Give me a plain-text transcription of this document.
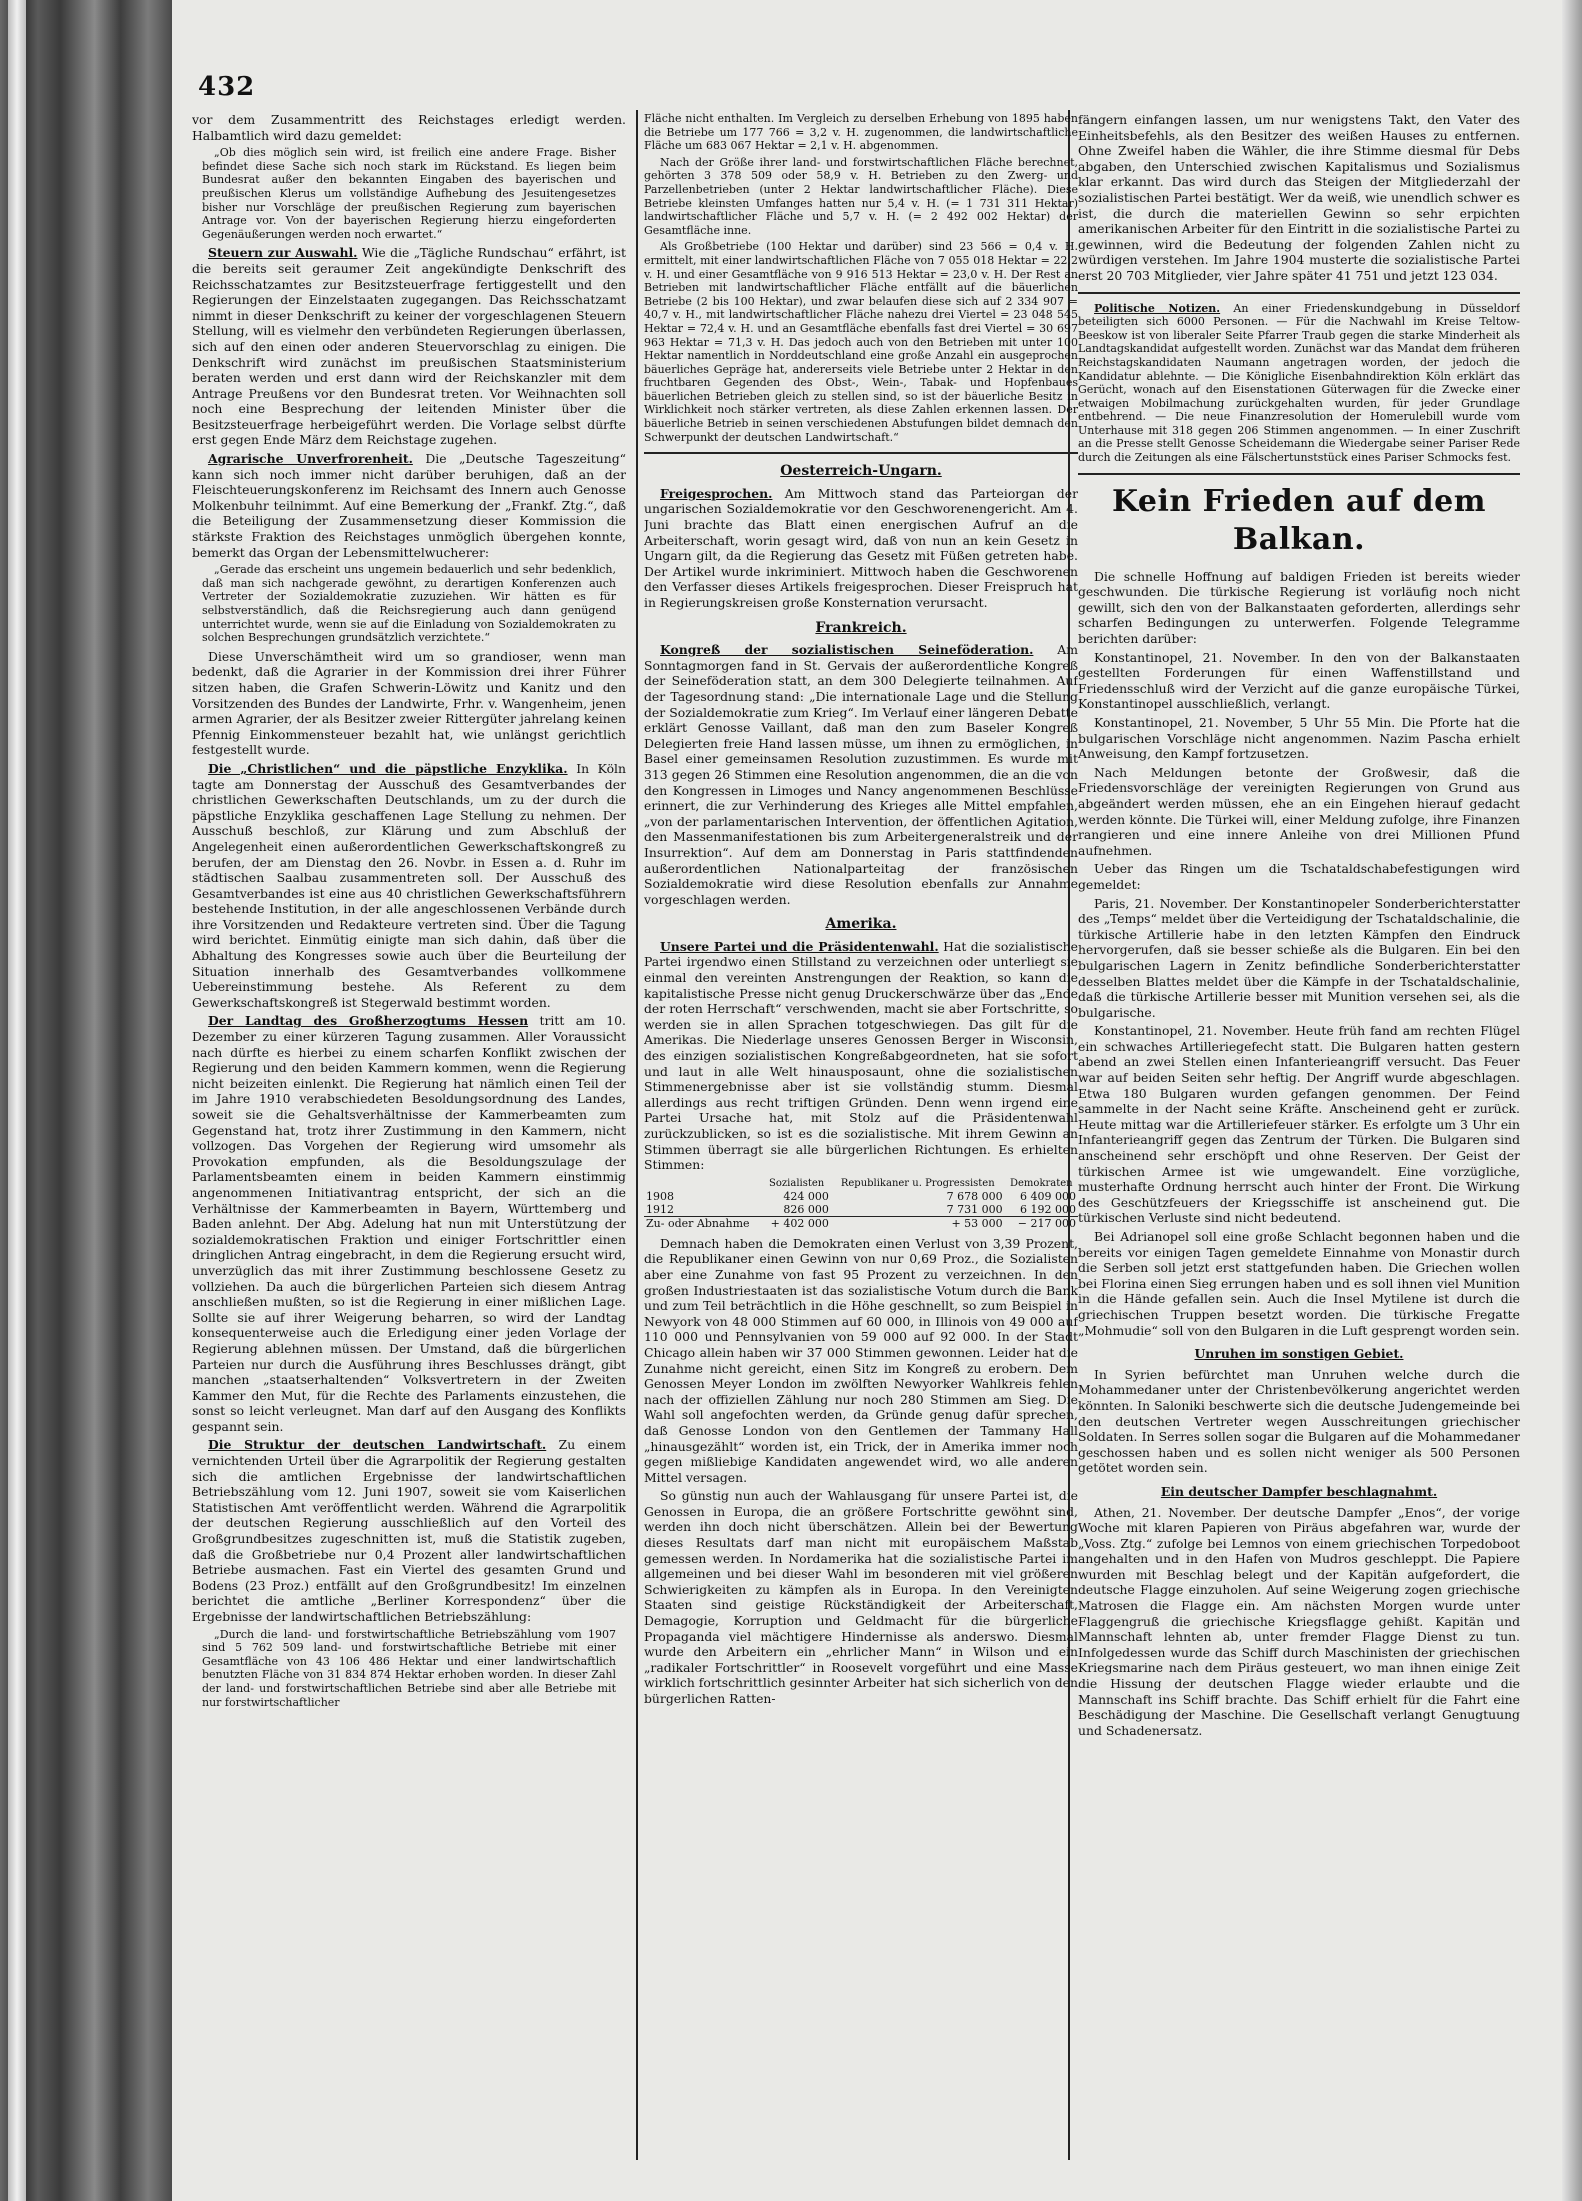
432

vor dem Zusammentritt des Reichstages erledigt werden. Halbamtlich wird dazu gemeldet:

„Ob dies möglich sein wird, ist freilich eine andere Frage. Bisher befindet diese Sache sich noch stark im Rückstand. Es liegen beim Bundesrat außer den bekannten Eingaben des bayerischen und preußischen Klerus um vollständige Aufhebung des Jesuitengesetzes bisher nur Vorschläge der preußischen Regierung zum bayerischen Antrage vor. Von der bayerischen Regierung hierzu eingeforderten Gegenäußerungen werden noch erwartet.“

Steuern zur Auswahl. Wie die „Tägliche Rundschau“ erfährt, ist die bereits seit geraumer Zeit angekündigte Denkschrift des Reichsschatzamtes zur Besitzsteuerfrage fertiggestellt und den Regierungen der Einzelstaaten zugegangen. Das Reichsschatzamt nimmt in dieser Denkschrift zu keiner der vorgeschlagenen Steuern Stellung, will es vielmehr den verbündeten Regierungen überlassen, sich auf den einen oder anderen Steuervorschlag zu einigen. Die Denkschrift wird zunächst im preußischen Staatsministerium beraten werden und erst dann wird der Reichskanzler mit dem Antrage Preußens vor den Bundesrat treten. Vor Weihnachten soll noch eine Besprechung der leitenden Minister über die Besitzsteuerfrage herbeigeführt werden. Die Vorlage selbst dürfte erst gegen Ende März dem Reichstage zugehen.

Agrarische Unverfrorenheit. Die „Deutsche Tageszeitung“ kann sich noch immer nicht darüber beruhigen, daß an der Fleischteuerungskonferenz im Reichsamt des Innern auch Genosse Molkenbuhr teilnimmt. Auf eine Bemerkung der „Frankf. Ztg.“, daß die Beteiligung der Zusammensetzung dieser Kommission die stärkste Fraktion des Reichstages unmöglich übergehen konnte, bemerkt das Organ der Lebensmittelwucherer:

„Gerade das erscheint uns ungemein bedauerlich und sehr bedenklich, daß man sich nachgerade gewöhnt, zu derartigen Konferenzen auch Vertreter der Sozialdemokratie zuzuziehen. Wir hätten es für selbstverständlich, daß die Reichsregierung auch dann genügend unterrichtet wurde, wenn sie auf die Einladung von Sozialdemokraten zu solchen Besprechungen grundsätzlich verzichtete.“

Diese Unverschämtheit wird um so grandioser, wenn man bedenkt, daß die Agrarier in der Kommission drei ihrer Führer sitzen haben, die Grafen Schwerin-Löwitz und Kanitz und den Vorsitzenden des Bundes der Landwirte, Frhr. v. Wangenheim, jenen armen Agrarier, der als Besitzer zweier Rittergüter jahrelang keinen Pfennig Einkommensteuer bezahlt hat, wie unlängst gerichtlich festgestellt wurde.

Die „Christlichen“ und die päpstliche Enzyklika. In Köln tagte am Donnerstag der Ausschuß des Gesamtverbandes der christlichen Gewerkschaften Deutschlands, um zu der durch die päpstliche Enzyklika geschaffenen Lage Stellung zu nehmen. Der Ausschuß beschloß, zur Klärung und zum Abschluß der Angelegenheit einen außerordentlichen Gewerkschaftskongreß zu berufen, der am Dienstag den 26. Novbr. in Essen a. d. Ruhr im städtischen Saalbau zusammentreten soll. Der Ausschuß des Gesamtverbandes ist eine aus 40 christlichen Gewerkschaftsführern bestehende Institution, in der alle angeschlossenen Verbände durch ihre Vorsitzenden und Redakteure vertreten sind. Über die Tagung wird berichtet. Einmütig einigte man sich dahin, daß über die Abhaltung des Kongresses sowie auch über die Beurteilung der Situation innerhalb des Gesamtverbandes vollkommene Uebereinstimmung bestehe. Als Referent zu dem Gewerkschaftskongreß ist Stegerwald bestimmt worden.

Der Landtag des Großherzogtums Hessen tritt am 10. Dezember zu einer kürzeren Tagung zusammen. Aller Voraussicht nach dürfte es hierbei zu einem scharfen Konflikt zwischen der Regierung und den beiden Kammern kommen, wenn die Regierung nicht beizeiten einlenkt. Die Regierung hat nämlich einen Teil der im Jahre 1910 verabschiedeten Besoldungsordnung des Landes, soweit sie die Gehaltsverhältnisse der Kammerbeamten zum Gegenstand hat, trotz ihrer Zustimmung in den Kammern, nicht vollzogen. Das Vorgehen der Regierung wird umsomehr als Provokation empfunden, als die Besoldungszulage der Parlamentsbeamten einem in beiden Kammern einstimmig angenommenen Initiativantrag entspricht, der sich an die Verhältnisse der Kammerbeamten in Bayern, Württemberg und Baden anlehnt. Der Abg. Adelung hat nun mit Unterstützung der sozialdemokratischen Fraktion und einiger Fortschrittler einen dringlichen Antrag eingebracht, in dem die Regierung ersucht wird, unverzüglich das mit ihrer Zustimmung beschlossene Gesetz zu vollziehen. Da auch die bürgerlichen Parteien sich diesem Antrag anschließen mußten, so ist die Regierung in einer mißlichen Lage. Sollte sie auf ihrer Weigerung beharren, so wird der Landtag konsequenterweise auch die Erledigung einer jeden Vorlage der Regierung ablehnen müssen. Der Umstand, daß die bürgerlichen Parteien nur durch die Ausführung ihres Beschlusses drängt, gibt manchen „staatserhaltenden“ Volksvertretern in der Zweiten Kammer den Mut, für die Rechte des Parlaments einzustehen, die sonst so leicht verleugnet. Man darf auf den Ausgang des Konflikts gespannt sein.

Die Struktur der deutschen Landwirtschaft. Zu einem vernichtenden Urteil über die Agrarpolitik der Regierung gestalten sich die amtlichen Ergebnisse der landwirtschaftlichen Betriebszählung vom 12. Juni 1907, soweit sie vom Kaiserlichen Statistischen Amt veröffentlicht werden. Während die Agrarpolitik der deutschen Regierung ausschließlich auf den Vorteil des Großgrundbesitzes zugeschnitten ist, muß die Statistik zugeben, daß die Großbetriebe nur 0,4 Prozent aller landwirtschaftlichen Betriebe ausmachen. Fast ein Viertel des gesamten Grund und Bodens (23 Proz.) entfällt auf den Großgrundbesitz! Im einzelnen berichtet die amtliche „Berliner Korrespondenz“ über die Ergebnisse der landwirtschaftlichen Betriebszählung:

„Durch die land- und forstwirtschaftliche Betriebszählung vom 1907 sind 5 762 509 land- und forstwirtschaftliche Betriebe mit einer Gesamtfläche von 43 106 486 Hektar und einer landwirtschaftlich benutzten Fläche von 31 834 874 Hektar erhoben worden. In dieser Zahl der land- und forstwirtschaftlichen Betriebe sind aber alle Betriebe mit nur forstwirtschaftlicher

Fläche nicht enthalten. Im Vergleich zu derselben Erhebung von 1895 haben die Betriebe um 177 766 = 3,2 v. H. zugenommen, die landwirtschaftliche Fläche um 683 067 Hektar = 2,1 v. H. abgenommen.

Nach der Größe ihrer land- und forstwirtschaftlichen Fläche berechnet, gehörten 3 378 509 oder 58,9 v. H. Betrieben zu den Zwerg- und Parzellenbetrieben (unter 2 Hektar landwirtschaftlicher Fläche). Diese Betriebe kleinsten Umfanges hatten nur 5,4 v. H. (= 1 731 311 Hektar) landwirtschaftlicher Fläche und 5,7 v. H. (= 2 492 002 Hektar) der Gesamtfläche inne.

Als Großbetriebe (100 Hektar und darüber) sind 23 566 = 0,4 v. H. ermittelt, mit einer landwirtschaftlichen Fläche von 7 055 018 Hektar = 22,2 v. H. und einer Gesamtfläche von 9 916 513 Hektar = 23,0 v. H. Der Rest an Betrieben mit landwirtschaftlicher Fläche entfällt auf die bäuerlichen Betriebe (2 bis 100 Hektar), und zwar belaufen diese sich auf 2 334 907 = 40,7 v. H., mit landwirtschaftlicher Fläche nahezu drei Viertel = 23 048 545 Hektar = 72,4 v. H. und an Gesamtfläche ebenfalls fast drei Viertel = 30 697 963 Hektar = 71,3 v. H. Das jedoch auch von den Betrieben mit unter 100 Hektar namentlich in Norddeutschland eine große Anzahl ein ausgeprochen bäuerliches Gepräge hat, andererseits viele Betriebe unter 2 Hektar in den fruchtbaren Gegenden des Obst-, Wein-, Tabak- und Hopfenbaues bäuerlichen Betrieben gleich zu stellen sind, so ist der bäuerliche Besitz in Wirklichkeit noch stärker vertreten, als diese Zahlen erkennen lassen. Der bäuerliche Betrieb in seinen verschiedenen Abstufungen bildet demnach den Schwerpunkt der deutschen Landwirtschaft.“

Oesterreich-Ungarn.

Freigesprochen. Am Mittwoch stand das Parteiorgan der ungarischen Sozialdemokratie vor den Geschworenengericht. Am 4. Juni brachte das Blatt einen energischen Aufruf an die Arbeiterschaft, worin gesagt wird, daß von nun an kein Gesetz in Ungarn gilt, da die Regierung das Gesetz mit Füßen getreten habe. Der Artikel wurde inkriminiert. Mittwoch haben die Geschworenen den Verfasser dieses Artikels freigesprochen. Dieser Freispruch hat in Regierungskreisen große Konsternation verursacht.

Frankreich.

Kongreß der sozialistischen Seineföderation. Am Sonntagmorgen fand in St. Gervais der außerordentliche Kongreß der Seineföderation statt, an dem 300 Delegierte teilnahmen. Auf der Tagesordnung stand: „Die internationale Lage und die Stellung der Sozialdemokratie zum Krieg“. Im Verlauf einer längeren Debatte erklärt Genosse Vaillant, daß man den zum Baseler Kongreß Delegierten freie Hand lassen müsse, um ihnen zu ermöglichen, in Basel einer gemeinsamen Resolution zuzustimmen. Es wurde mit 313 gegen 26 Stimmen eine Resolution angenommen, die an die von den Kongressen in Limoges und Nancy angenommenen Beschlüsse erinnert, die zur Verhinderung des Krieges alle Mittel empfahlen, „von der parlamentarischen Intervention, der öffentlichen Agitation, den Massenmanifestationen bis zum Arbeitergeneralstreik und der Insurrektion“. Auf dem am Donnerstag in Paris stattfindenden außerordentlichen Nationalparteitag der französischen Sozialdemokratie wird diese Resolution ebenfalls zur Annahme vorgeschlagen werden.

Amerika.

Unsere Partei und die Präsidentenwahl. Hat die sozialistische Partei irgendwo einen Stillstand zu verzeichnen oder unterliegt sie einmal den vereinten Anstrengungen der Reaktion, so kann die kapitalistische Presse nicht genug Druckerschwärze über das „Ende der roten Herrschaft“ verschwenden, macht sie aber Fortschritte, so werden sie in allen Sprachen totgeschwiegen. Das gilt für die Amerikas. Die Niederlage unseres Genossen Berger in Wisconsin, des einzigen sozialistischen Kongreßabgeordneten, hat sie sofort und laut in alle Welt hinausposaunt, ohne die sozialistischen Stimmenergebnisse aber ist sie vollständig stumm. Diesmal allerdings aus recht triftigen Gründen. Denn wenn irgend eine Partei Ursache hat, mit Stolz auf die Präsidentenwahl zurückzublicken, so ist es die sozialistische. Mit ihrem Gewinn an Stimmen überragt sie alle bürgerlichen Richtungen. Es erhielten Stimmen:

	Sozialisten	Republikaner u. Progressisten	Demokraten
1908	424 000	7 678 000	6 409 000
1912	826 000	7 731 000	6 192 000
Zu- oder Abnahme	+ 402 000	+ 53 000	− 217 000

Demnach haben die Demokraten einen Verlust von 3,39 Prozent, die Republikaner einen Gewinn von nur 0,69 Proz., die Sozialisten aber eine Zunahme von fast 95 Prozent zu verzeichnen. In den großen Industriestaaten ist das sozialistische Votum durch die Bank und zum Teil beträchtlich in die Höhe geschnellt, so zum Beispiel in Newyork von 48 000 Stimmen auf 60 000, in Illinois von 49 000 auf 110 000 und Pennsylvanien von 59 000 auf 92 000. In der Stadt Chicago allein haben wir 37 000 Stimmen gewonnen. Leider hat die Zunahme nicht gereicht, einen Sitz im Kongreß zu erobern. Dem Genossen Meyer London im zwölften Newyorker Wahlkreis fehlen nach der offiziellen Zählung nur noch 280 Stimmen am Sieg. Die Wahl soll angefochten werden, da Gründe genug dafür sprechen, daß Genosse London von den Gentlemen der Tammany Hall „hinausgezählt“ worden ist, ein Trick, der in Amerika immer noch gegen mißliebige Kandidaten angewendet wird, wo alle anderen Mittel versagen.

So günstig nun auch der Wahlausgang für unsere Partei ist, die Genossen in Europa, die an größere Fortschritte gewöhnt sind, werden ihn doch nicht überschätzen. Allein bei der Bewertung dieses Resultats darf man nicht mit europäischem Maßstab gemessen werden. In Nordamerika hat die sozialistische Partei im allgemeinen und bei dieser Wahl im besonderen mit viel größeren Schwierigkeiten zu kämpfen als in Europa. In den Vereinigten Staaten sind geistige Rückständigkeit der Arbeiterschaft, Demagogie, Korruption und Geldmacht für die bürgerliche Propaganda viel mächtigere Hindernisse als anderswo. Diesmal wurde den Arbeitern ein „ehrlicher Mann“ in Wilson und ein „radikaler Fortschrittler“ in Roosevelt vorgeführt und eine Masse wirklich fortschrittlich gesinnter Arbeiter hat sich sicherlich von den bürgerlichen Ratten-

fängern einfangen lassen, um nur wenigstens Takt, den Vater des Einheitsbefehls, als den Besitzer des weißen Hauses zu entfernen. Ohne Zweifel haben die Wähler, die ihre Stimme diesmal für Debs abgaben, den Unterschied zwischen Kapitalismus und Sozialismus klar erkannt. Das wird durch das Steigen der Mitgliederzahl der sozialistischen Partei bestätigt. Wer da weiß, wie unendlich schwer es ist, die durch die materiellen Gewinn so sehr erpichten amerikanischen Arbeiter für den Eintritt in die sozialistische Partei zu gewinnen, wird die Bedeutung der folgenden Zahlen nicht zu würdigen verstehen. Im Jahre 1904 musterte die sozialistische Partei erst 20 703 Mitglieder, vier Jahre später 41 751 und jetzt 123 034.

Politische Notizen. An einer Friedenskundgebung in Düsseldorf beteiligten sich 6000 Personen. — Für die Nachwahl im Kreise Teltow-Beeskow ist von liberaler Seite Pfarrer Traub gegen die starke Minderheit als Landtagskandidat aufgestellt worden. Zunächst war das Mandat dem früheren Reichstagskandidaten Naumann angetragen worden, der jedoch die Kandidatur ablehnte. — Die Königliche Eisenbahndirektion Köln erklärt das Gerücht, wonach auf den Eisenstationen Güterwagen für die Zwecke einer etwaigen Mobilmachung zurückgehalten wurden, für jeder Grundlage entbehrend. — Die neue Finanzresolution der Homerulebill wurde vom Unterhause mit 318 gegen 206 Stimmen angenommen. — In einer Zuschrift an die Presse stellt Genosse Scheidemann die Wiedergabe seiner Pariser Rede durch die Zeitungen als eine Fälschertunststück eines Pariser Schmocks fest.

Kein Frieden auf dem Balkan.

Die schnelle Hoffnung auf baldigen Frieden ist bereits wieder geschwunden. Die türkische Regierung ist vorläufig noch nicht gewillt, sich den von der Balkanstaaten geforderten, allerdings sehr scharfen Bedingungen zu unterwerfen. Folgende Telegramme berichten darüber:

Konstantinopel, 21. November. In den von der Balkanstaaten gestellten Forderungen für einen Waffenstillstand und Friedensschluß wird der Verzicht auf die ganze europäische Türkei, Konstantinopel ausschließlich, verlangt.

Konstantinopel, 21. November, 5 Uhr 55 Min. Die Pforte hat die bulgarischen Vorschläge nicht angenommen. Nazim Pascha erhielt Anweisung, den Kampf fortzusetzen.

Nach Meldungen betonte der Großwesir, daß die Friedensvorschläge der vereinigten Regierungen von Grund aus abgeändert werden müssen, ehe an ein Eingehen hierauf gedacht werden könnte. Die Türkei will, einer Meldung zufolge, ihre Finanzen rangieren und eine innere Anleihe von drei Millionen Pfund aufnehmen.

Ueber das Ringen um die Tschataldschabefestigungen wird gemeldet:

Paris, 21. November. Der Konstantinopeler Sonderberichterstatter des „Temps“ meldet über die Verteidigung der Tschataldschalinie, die türkische Artillerie habe in den letzten Kämpfen den Eindruck hervorgerufen, daß sie besser schieße als die Bulgaren. Ein bei den bulgarischen Lagern in Zenitz befindliche Sonderberichterstatter desselben Blattes meldet über die Kämpfe in der Tschataldschalinie, daß die türkische Artillerie besser mit Munition versehen sei, als die bulgarische.

Konstantinopel, 21. November. Heute früh fand am rechten Flügel ein schwaches Artilleriegefecht statt. Die Bulgaren hatten gestern abend an zwei Stellen einen Infanterieangriff versucht. Das Feuer war auf beiden Seiten sehr heftig. Der Angriff wurde abgeschlagen. Etwa 180 Bulgaren wurden gefangen genommen. Der Feind sammelte in der Nacht seine Kräfte. Anscheinend geht er zurück. Heute mittag war die Artilleriefeuer stärker. Es erfolgte um 3 Uhr ein Infanterieangriff gegen das Zentrum der Türken. Die Bulgaren sind anscheinend sehr erschöpft und ohne Reserven. Der Geist der türkischen Armee ist wie umgewandelt. Eine vorzügliche, musterhafte Ordnung herrscht auch hinter der Front. Die Wirkung des Geschützfeuers der Kriegsschiffe ist anscheinend gut. Die türkischen Verluste sind nicht bedeutend.

Bei Adrianopel soll eine große Schlacht begonnen haben und die bereits vor einigen Tagen gemeldete Einnahme von Monastir durch die Serben soll jetzt erst stattgefunden haben. Die Griechen wollen bei Florina einen Sieg errungen haben und es soll ihnen viel Munition in die Hände gefallen sein. Auch die Insel Mytilene ist durch die griechischen Truppen besetzt worden. Die türkische Fregatte „Mohmudie“ soll von den Bulgaren in die Luft gesprengt worden sein.

Unruhen im sonstigen Gebiet.

In Syrien befürchtet man Unruhen welche durch die Mohammedaner unter der Christenbevölkerung angerichtet werden könnten. In Saloniki beschwerte sich die deutsche Judengemeinde bei den deutschen Vertreter wegen Ausschreitungen griechischer Soldaten. In Serres sollen sogar die Bulgaren auf die Mohammedaner geschossen haben und es sollen nicht weniger als 500 Personen getötet worden sein.

Ein deutscher Dampfer beschlagnahmt.

Athen, 21. November. Der deutsche Dampfer „Enos“, der vorige Woche mit klaren Papieren von Piräus abgefahren war, wurde der „Voss. Ztg.“ zufolge bei Lemnos von einem griechischen Torpedoboot angehalten und in den Hafen von Mudros geschleppt. Die Papiere wurden mit Beschlag belegt und der Kapitän aufgefordert, die deutsche Flagge einzuholen. Auf seine Weigerung zogen griechische Matrosen die Flagge ein. Am nächsten Morgen wurde unter Flaggengruß die griechische Kriegsflagge gehißt. Kapitän und Mannschaft lehnten ab, unter fremder Flagge Dienst zu tun. Infolgedessen wurde das Schiff durch Maschinisten der griechischen Kriegsmarine nach dem Piräus gesteuert, wo man ihnen einige Zeit die Hissung der deutschen Flagge wieder erlaubte und die Mannschaft ins Schiff brachte. Das Schiff erhielt für die Fahrt eine Beschädigung der Maschine. Die Gesellschaft verlangt Genugtuung und Schadenersatz.
